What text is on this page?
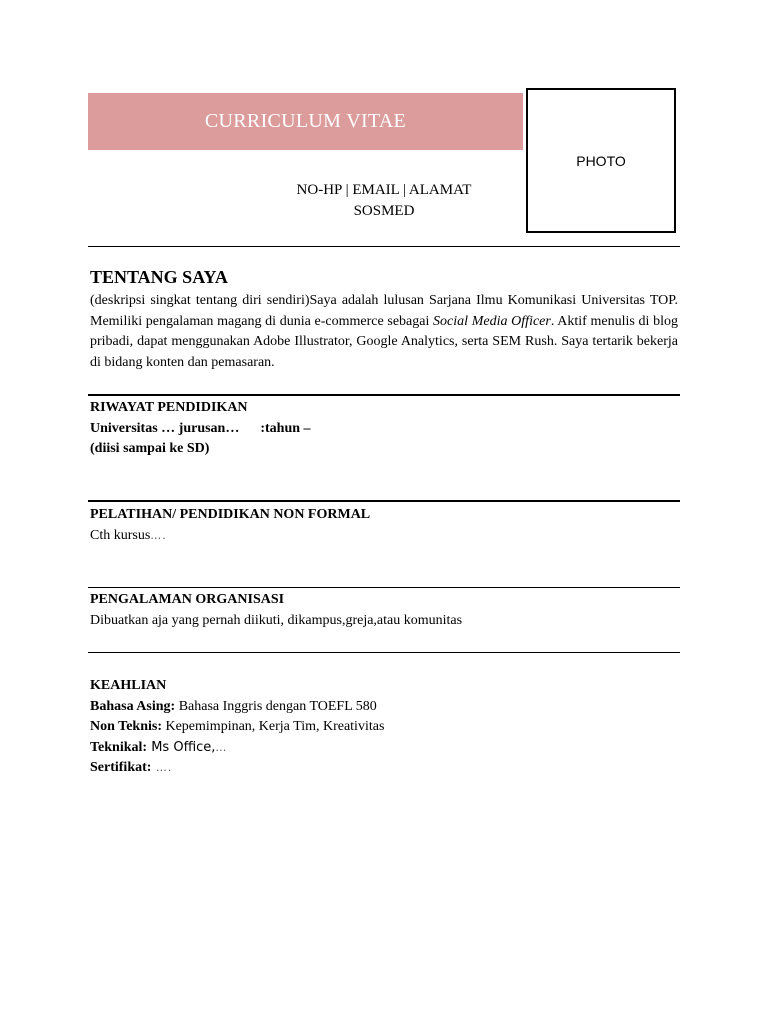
CURRICULUM VITAE
PHOTO
NO-HP | EMAIL | ALAMAT
SOSMED
TENTANG SAYA
(deskripsi singkat tentang diri sendiri)Saya adalah lulusan Sarjana Ilmu Komunikasi Universitas TOP. Memiliki pengalaman magang di dunia e-commerce sebagai Social Media Officer. Aktif menulis di blog pribadi, dapat menggunakan Adobe Illustrator, Google Analytics, serta SEM Rush. Saya tertarik bekerja di bidang konten dan pemasaran.
RIWAYAT PENDIDIKAN
Universitas … jurusan…      :tahun –
(diisi sampai ke SD)
PELATIHAN/ PENDIDIKAN NON FORMAL
Cth kursus….
PENGALAMAN ORGANISASI
Dibuatkan aja yang pernah diikuti, dikampus,greja,atau komunitas
KEAHLIAN
Bahasa Asing: Bahasa Inggris dengan TOEFL 580
Non Teknis: Kepemimpinan, Kerja Tim, Kreativitas
Teknikal: Ms Office,…
Sertifikat: ….
